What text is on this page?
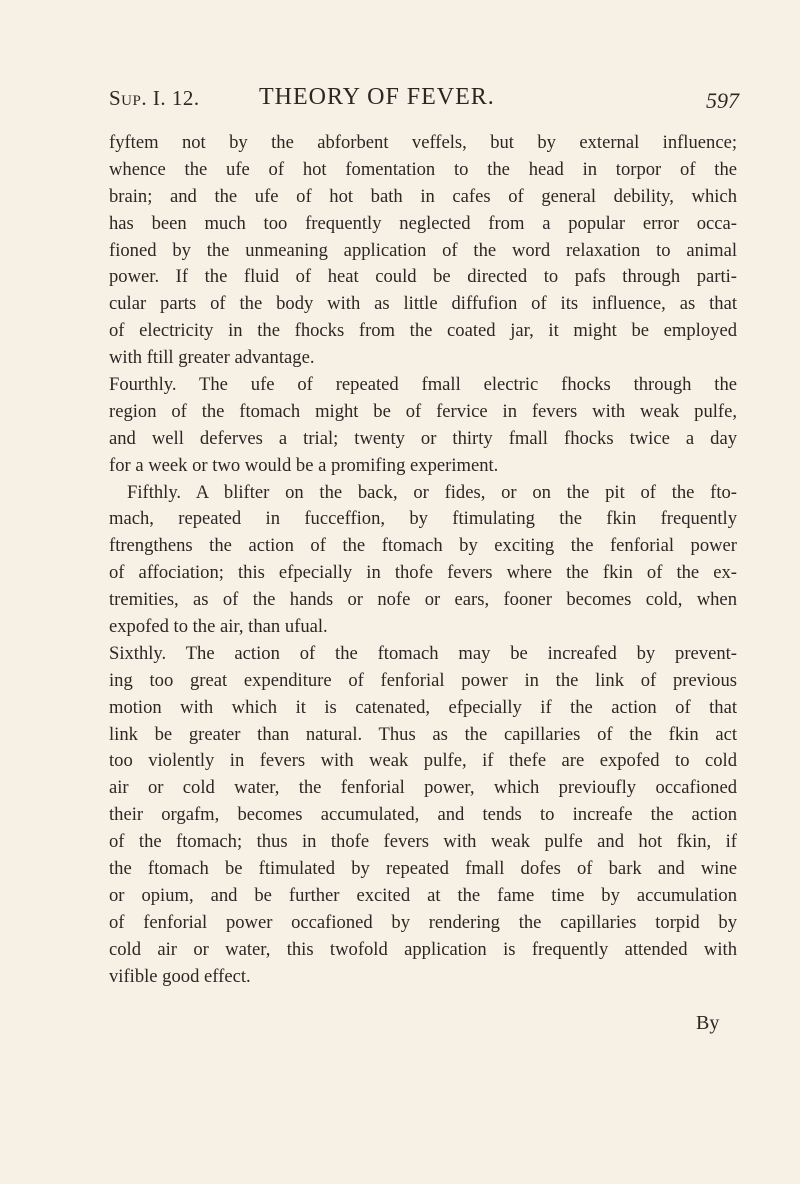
Sup. I. 12. THEORY OF FEVER.	597
fyftem not by the abforbent veffels, but by external influence;
whence the ufe of hot fomentation to the head in torpor of the
brain; and the ufe of hot bath in cafes of general debility, which
has been much too frequently neglected from a popular error occa-
fioned by the unmeaning application of the word relaxation to animal
power. If the fluid of heat could be directed to pafs through parti-
cular parts of the body with as little diffufion of its influence, as that
of electricity in the fhocks from the coated jar, it might be employed
with ftill greater advantage.
Fourthly. The ufe of repeated fmall electric fhocks through the
region of the ftomach might be of fervice in fevers with weak pulfe,
and well deferves a trial; twenty or thirty fmall fhocks twice a day
for a week or two would be a promifing experiment.
Fifthly. A blifter on the back, or fides, or on the pit of the fto-
mach, repeated in fucceffion, by ftimulating the fkin frequently
ftrengthens the action of the ftomach by exciting the fenforial power
of affociation; this efpecially in thofe fevers where the fkin of the ex-
tremities, as of the hands or nofe or ears, fooner becomes cold, when
expofed to the air, than ufual.
Sixthly. The action of the ftomach may be increafed by prevent-
ing too great expenditure of fenforial power in the link of previous
motion with which it is catenated, efpecially if the action of that
link be greater than natural. Thus as the capillaries of the fkin act
too violently in fevers with weak pulfe, if thefe are expofed to cold
air or cold water, the fenforial power, which previoufly occafioned
their orgafm, becomes accumulated, and tends to increafe the action
of the ftomach; thus in thofe fevers with weak pulfe and hot fkin, if
the ftomach be ftimulated by repeated fmall dofes of bark and wine
or opium, and be further excited at the fame time by accumulation
of fenforial power occafioned by rendering the capillaries torpid by
cold air or water, this twofold application is frequently attended with
vifible good effect.
By
